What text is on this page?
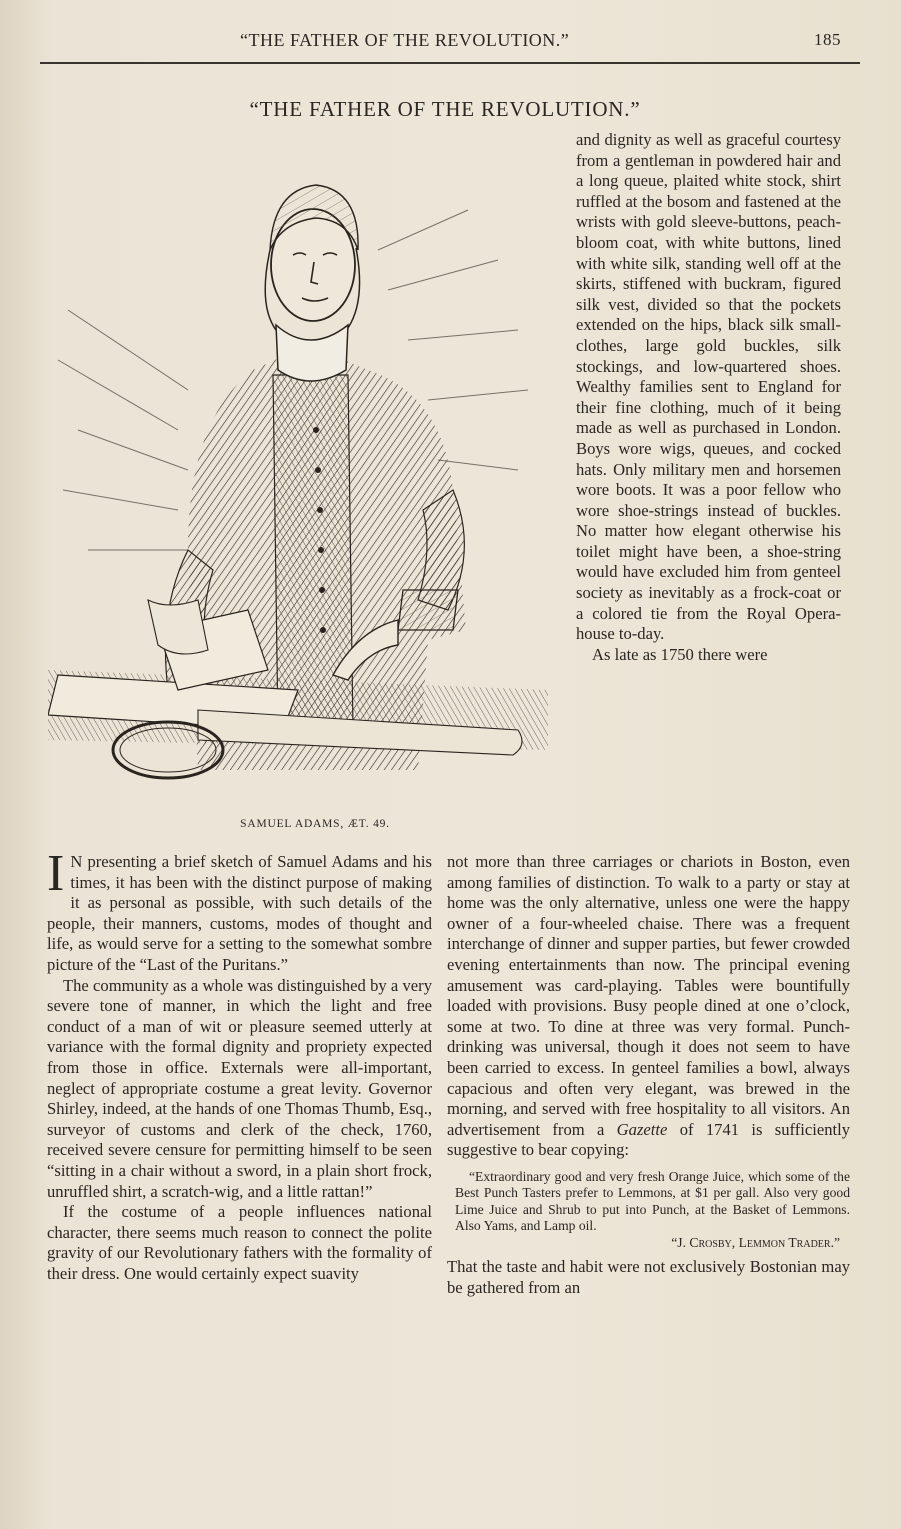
“THE FATHER OF THE REVOLUTION.”	185
“THE FATHER OF THE REVOLUTION.”
SAMUEL ADAMS, ÆT. 49.

and dignity as well as graceful courtesy from a gentleman in powdered hair and a long queue, plaited white stock, shirt ruffled at the bosom and fastened at the wrists with gold sleeve-buttons, peach-bloom coat, with white buttons, lined with white silk, standing well off at the skirts, stiffened with buckram, figured silk vest, divided so that the pockets extended on the hips, black silk small-clothes, large gold buckles, silk stockings, and low-quartered shoes. Wealthy families sent to England for their fine clothing, much of it being made as well as purchased in London. Boys wore wigs, queues, and cocked hats. Only military men and horsemen wore boots. It was a poor fellow who wore shoe-strings instead of buckles. No matter how elegant otherwise his toilet might have been, a shoe-string would have excluded him from genteel society as inevitably as a frock-coat or a colored tie from the Royal Opera-house to-day.

As late as 1750 there were

I N presenting a brief sketch of Samuel Adams and his times, it has been with the distinct purpose of making it as personal as possible, with such details of the people, their manners, customs, modes of thought and life, as would serve for a setting to the somewhat sombre picture of the “Last of the Puritans.”

The community as a whole was distinguished by a very severe tone of manner, in which the light and free conduct of a man of wit or pleasure seemed utterly at variance with the formal dignity and propriety expected from those in office. Externals were all-important, neglect of appropriate costume a great levity. Governor Shirley, indeed, at the hands of one Thomas Thumb, Esq., surveyor of customs and clerk of the check, 1760, received severe censure for permitting himself to be seen “sitting in a chair without a sword, in a plain short frock, unruffled shirt, a scratch-wig, and a little rattan!”

If the costume of a people influences national character, there seems much reason to connect the polite gravity of our Revolutionary fathers with the formality of their dress. One would certainly expect suavity

not more than three carriages or chariots in Boston, even among families of distinction. To walk to a party or stay at home was the only alternative, unless one were the happy owner of a four-wheeled chaise. There was a frequent interchange of dinner and supper parties, but fewer crowded evening entertainments than now. The principal evening amusement was card-playing. Tables were bountifully loaded with provisions. Busy people dined at one o’clock, some at two. To dine at three was very formal. Punch-drinking was universal, though it does not seem to have been carried to excess. In genteel families a bowl, always capacious and often very elegant, was brewed in the morning, and served with free hospitality to all visitors. An advertisement from a Gazette of 1741 is sufficiently suggestive to bear copying:

“Extraordinary good and very fresh Orange Juice, which some of the Best Punch Tasters prefer to Lemmons, at $1 per gall. Also very good Lime Juice and Shrub to put into Punch, at the Basket of Lemmons. Also Yams, and Lamp oil.
“J. Crosby, Lemmon Trader.”

That the taste and habit were not exclusively Bostonian may be gathered from an
